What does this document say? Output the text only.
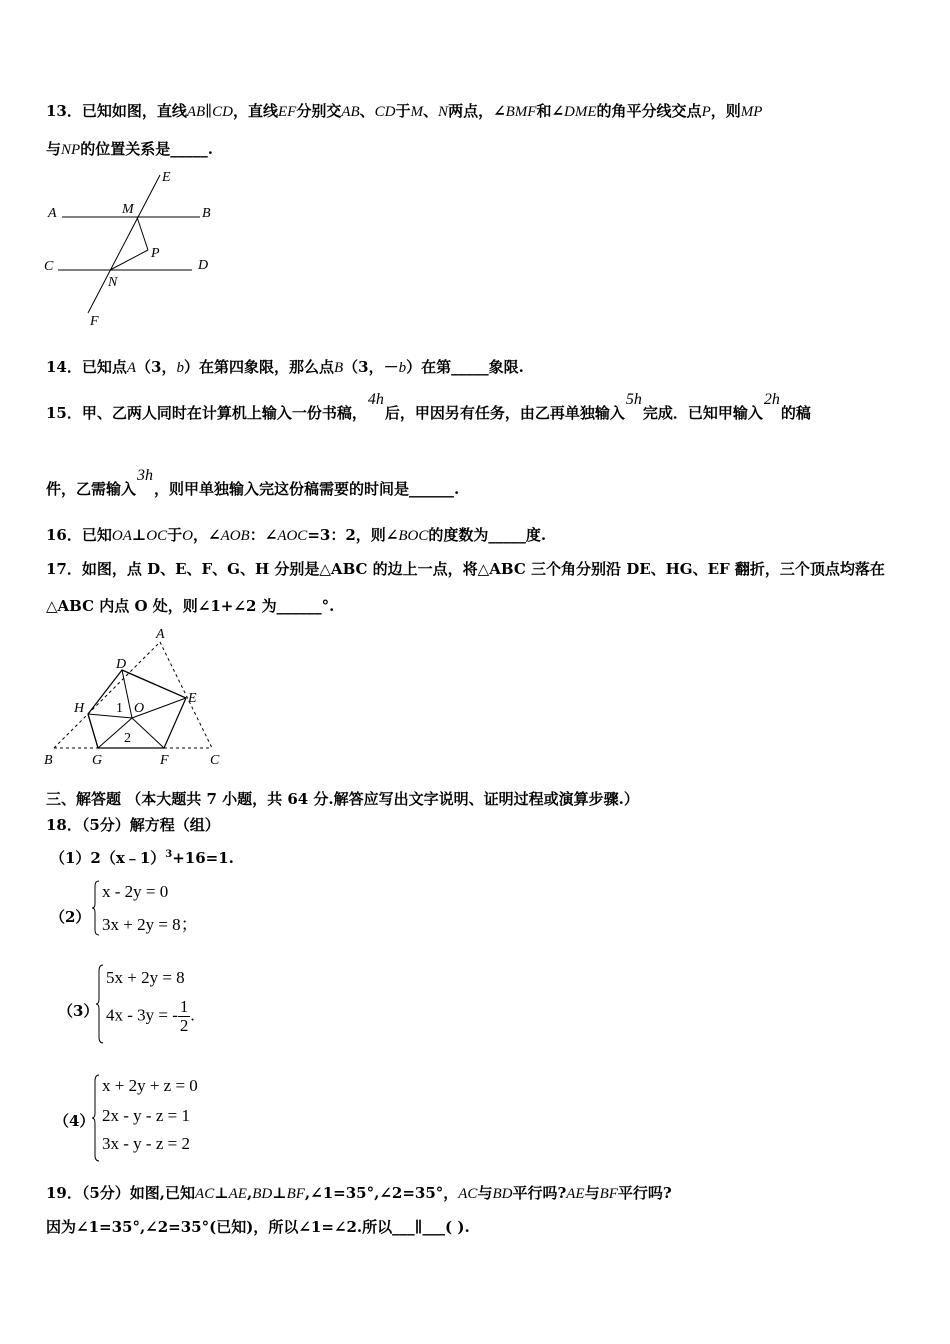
13．已知如图，直线AB∥CD，直线EF分别交AB、CD于M、N两点，∠BMF和∠DME的角平分线交点P，则MP
与NP的位置关系是_____.
E
A	M	B
P
C	D
N
F
14．已知点A（3，b）在第四象限，那么点B（3，－b）在第_____象限.
15．甲、乙两人同时在计算机上输入一份书稿，4h后，甲因另有任务，由乙再单独输入5h完成．已知甲输入2h的稿
件，乙需输入3h，则甲单独输入完这份稿需要的时间是______.
16．已知OA⊥OC于O，∠AOB：∠AOC=3：2，则∠BOC的度数为_____度.
17．如图，点 D、E、F、G、H 分别是△ABC 的边上一点，将△ABC 三个角分别沿 DE、HG、EF 翻折，三个顶点均落在
△ABC 内点 O 处，则∠1+∠2 为______°.
A
D
E
H 1 O
2
B	G	F	C
三、解答题 （本大题共 7 小题，共 64 分.解答应写出文字说明、证明过程或演算步骤.）
18．（5分）解方程（组）
（1）2（x﹣1）$^3$+16=1.
（2）
x - 2y = 0
3x + 2y = 8；
（3）
5x + 2y = 8
4x - 3y = - $\frac{1}{2}$ .
（4）
x + 2y + z = 0
2x - y - z = 1
3x - y - z = 2
19．（5分）如图,已知AC⊥AE,BD⊥BF,∠1=35°,∠2=35°，AC与BD平行吗?AE与BF平行吗?
因为∠1=35°,∠2=35°(已知)，所以∠1=∠2.所以___∥___( ).
